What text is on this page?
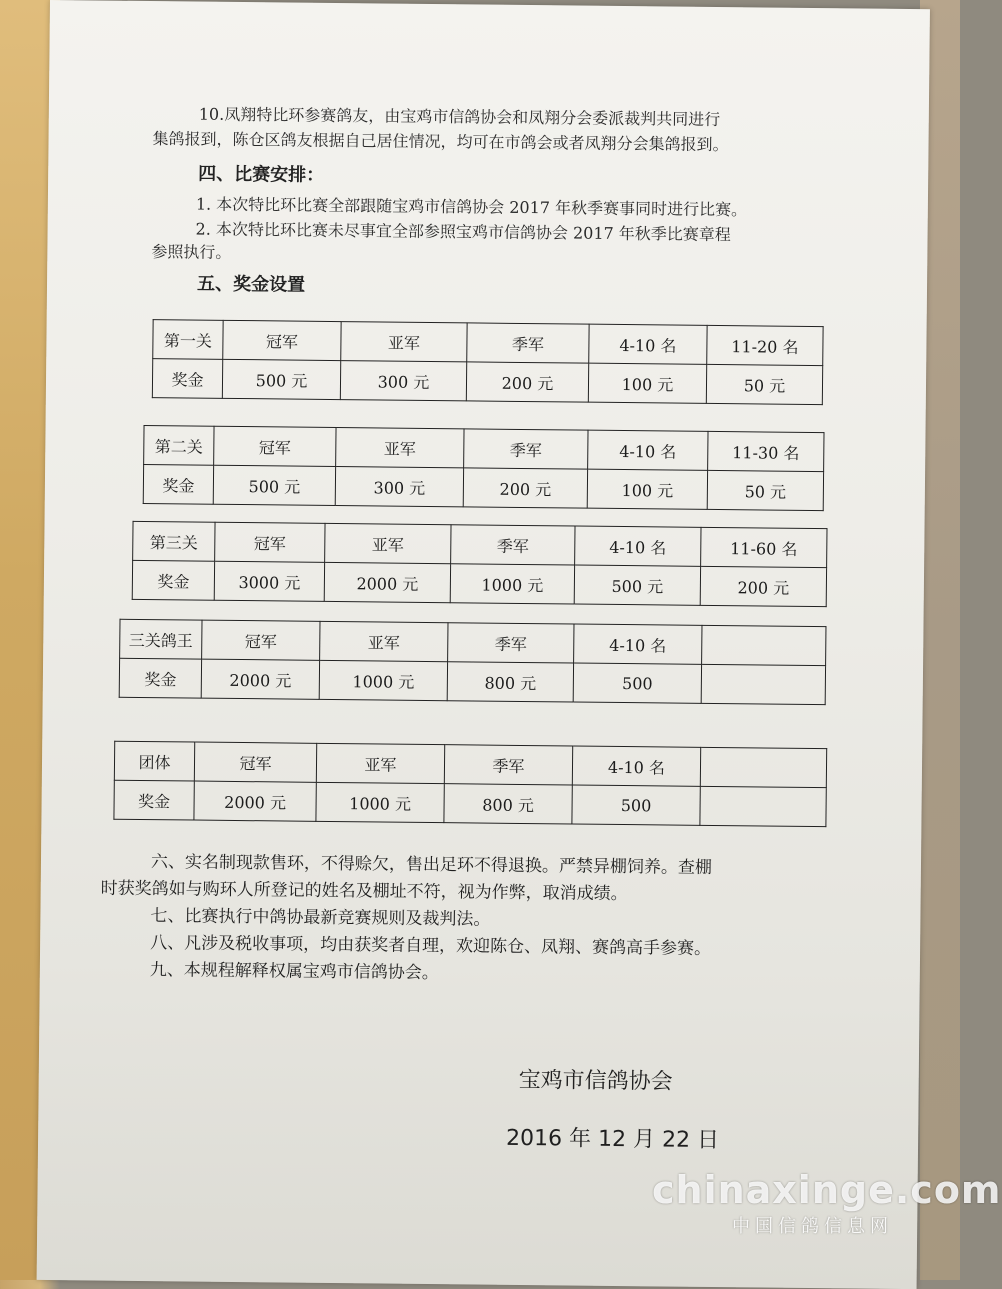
10.凤翔特比环参赛鸽友，由宝鸡市信鸽协会和凤翔分会委派裁判共同进行
集鸽报到，陈仓区鸽友根据自己居住情况，均可在市鸽会或者凤翔分会集鸽报到。
四、比赛安排：
1. 本次特比环比赛全部跟随宝鸡市信鸽协会 2017 年秋季赛事同时进行比赛。
2. 本次特比环比赛未尽事宜全部参照宝鸡市信鸽协会 2017 年秋季比赛章程
参照执行。
五、奖金设置
第一关	冠军	亚军	季军	4-10 名	11-20 名
奖金	500 元	300 元	200 元	100 元	50 元
第二关	冠军	亚军	季军	4-10 名	11-30 名
奖金	500 元	300 元	200 元	100 元	50 元
第三关	冠军	亚军	季军	4-10 名	11-60 名
奖金	3000 元	2000 元	1000 元	500 元	200 元
三关鸽王	冠军	亚军	季军	4-10 名	
奖金	2000 元	1000 元	800 元	500	
团体	冠军	亚军	季军	4-10 名	
奖金	2000 元	1000 元	800 元	500	
六、实名制现款售环，不得赊欠，售出足环不得退换。严禁异棚饲养。查棚
时获奖鸽如与购环人所登记的姓名及棚址不符，视为作弊，取消成绩。
七、比赛执行中鸽协最新竞赛规则及裁判法。
八、凡涉及税收事项，均由获奖者自理，欢迎陈仓、凤翔、赛鸽高手参赛。
九、本规程解释权属宝鸡市信鸽协会。
宝鸡市信鸽协会
2016 年 12 月 22 日
chinaxinge.com
中国信鸽信息网
